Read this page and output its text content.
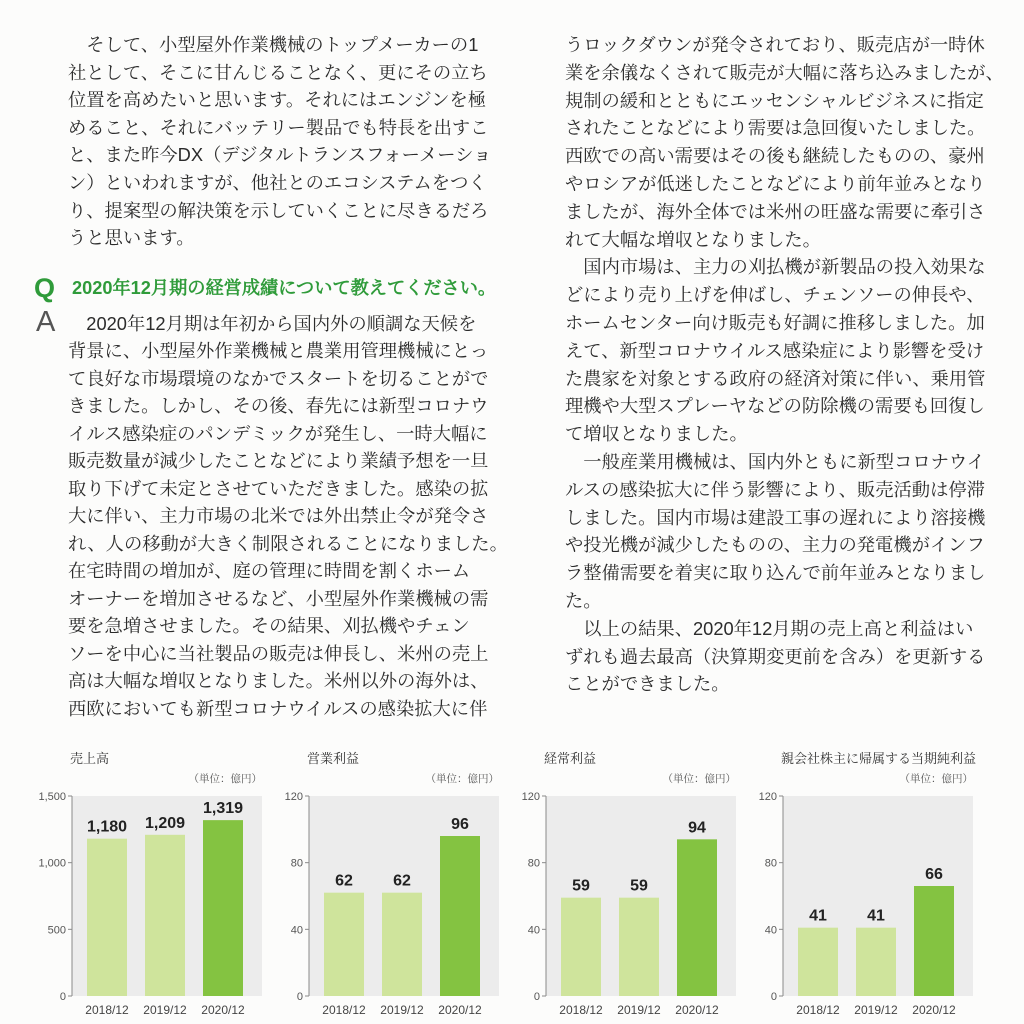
そして、小型屋外作業機械のトップメーカーの1
社として、そこに甘んじることなく、更にその立ち
位置を高めたいと思います。それにはエンジンを極
めること、それにバッテリー製品でも特長を出すこ
と、また昨今DX（デジタルトランスフォーメーショ
ン）といわれますが、他社とのエコシステムをつく
り、提案型の解決策を示していくことに尽きるだろ
うと思います。
Q 2020年12月期の経営成績について教えてください。
A	2020年12月期は年初から国内外の順調な天候を
背景に、小型屋外作業機械と農業用管理機械にとっ
て良好な市場環境のなかでスタートを切ることがで
きました。しかし、その後、春先には新型コロナウ
イルス感染症のパンデミックが発生し、一時大幅に
販売数量が減少したことなどにより業績予想を一旦
取り下げて未定とさせていただきました。感染の拡
大に伴い、主力市場の北米では外出禁止令が発令さ
れ、人の移動が大きく制限されることになりました。
在宅時間の増加が、庭の管理に時間を割くホーム
オーナーを増加させるなど、小型屋外作業機械の需
要を急増させました。その結果、刈払機やチェン
ソーを中心に当社製品の販売は伸長し、米州の売上
高は大幅な増収となりました。米州以外の海外は、
西欧においても新型コロナウイルスの感染拡大に伴
うロックダウンが発令されており、販売店が一時休
業を余儀なくされて販売が大幅に落ち込みましたが、
規制の緩和とともにエッセンシャルビジネスに指定
されたことなどにより需要は急回復いたしました。
西欧での高い需要はその後も継続したものの、豪州
やロシアが低迷したことなどにより前年並みとなり
ましたが、海外全体では米州の旺盛な需要に牽引さ
れて大幅な増収となりました。
国内市場は、主力の刈払機が新製品の投入効果な
どにより売り上げを伸ばし、チェンソーの伸長や、
ホームセンター向け販売も好調に推移しました。加
えて、新型コロナウイルス感染症により影響を受け
た農家を対象とする政府の経済対策に伴い、乗用管
理機や大型スプレーヤなどの防除機の需要も回復し
て増収となりました。
一般産業用機械は、国内外ともに新型コロナウイ
ルスの感染拡大に伴う影響により、販売活動は停滞
しました。国内市場は建設工事の遅れにより溶接機
や投光機が減少したものの、主力の発電機がインフ
ラ整備需要を着実に取り込んで前年並みとなりまし
た。
以上の結果、2020年12月期の売上高と利益はい
ずれも過去最高（決算期変更前を含み）を更新する
ことができました。
売上高
（単位：億円）
0
500
1,000
1,500
1,180
2018/12
1,209
2019/12
1,319
2020/12
営業利益
（単位：億円）
0
40
80
120
62
2018/12
62
2019/12
96
2020/12
経常利益
（単位：億円）
0
40
80
120
59
2018/12
59
2019/12
94
2020/12
親会社株主に帰属する当期純利益
（単位：億円）
0
40
80
120
41
2018/12
41
2019/12
66
2020/12
